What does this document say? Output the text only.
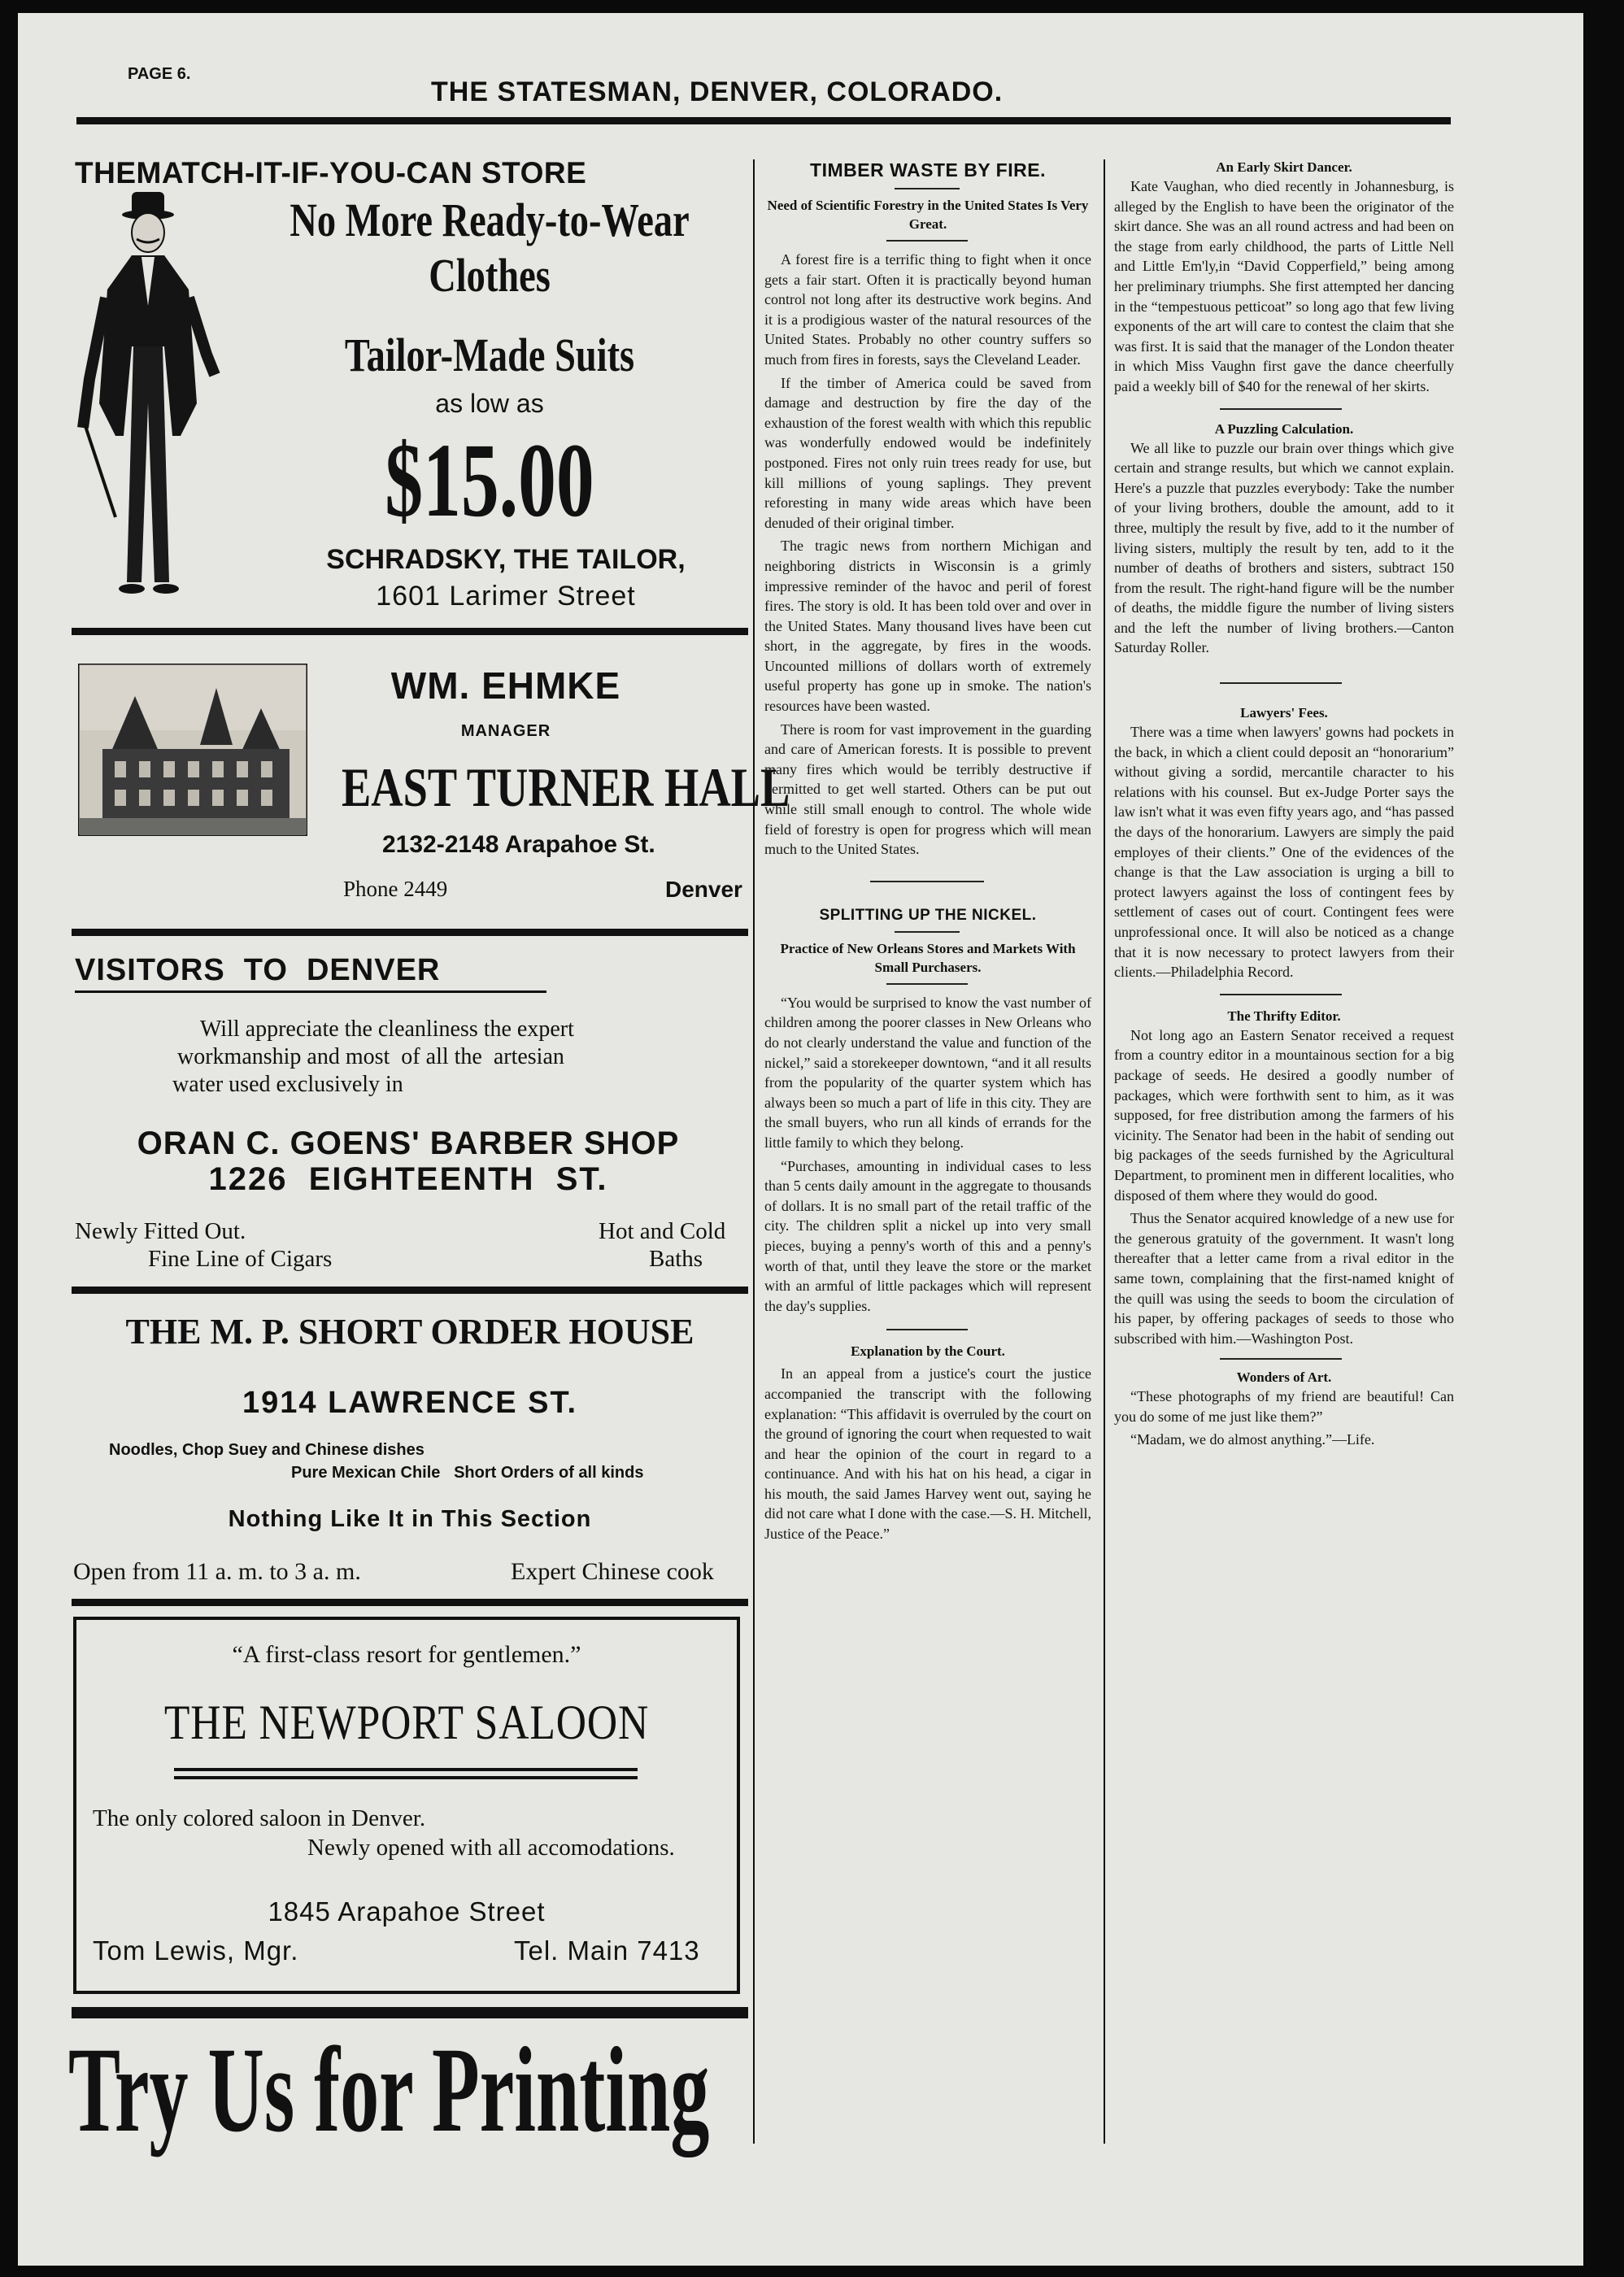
PAGE 6.
THE STATESMAN, DENVER, COLORADO.
THEMATCH-IT-IF-YOU-CAN STORE
No More Ready-to-Wear
Clothes
Tailor-Made Suits
as low as
$15.00
SCHRADSKY, THE TAILOR,
1601 Larimer Street
WM. EHMKE
MANAGER
EAST TURNER HALL
2132-2148 Arapahoe St.
Phone 2449	Denver
VISITORS  TO  DENVER
Will appreciate the cleanliness the expert
workmanship and most  of all the  artesian
water used exclusively in
ORAN C. GOENS' BARBER SHOP
1226  EIGHTEENTH  ST.
Newly Fitted Out.
Fine Line of Cigars
Hot and Cold
Baths
THE M. P. SHORT ORDER HOUSE
1914 LAWRENCE ST.
Noodles, Chop Suey and Chinese dishes
Pure Mexican Chile   Short Orders of all kinds
Nothing Like It in This Section
Open from 11 a. m. to 3 a. m.	Expert Chinese cook
“A first-class resort for gentlemen.”
THE NEWPORT SALOON
The only colored saloon in Denver.
Newly opened with all accomodations.
1845 Arapahoe Street
Tom Lewis, Mgr.	Tel. Main 7413
Try Us for Printing
TIMBER WASTE BY FIRE.
Need of Scientific Forestry in the United States Is Very Great.

A forest fire is a terrific thing to fight when it once gets a fair start. Often it is practically beyond human control not long after its destructive work begins. And it is a prodigious waster of the natural resources of the United States. Probably no other country suffers so much from fires in forests, says the Cleveland Leader.

If the timber of America could be saved from damage and destruction by fire the day of the exhaustion of the forest wealth with which this republic was wonderfully endowed would be indefinitely postponed. Fires not only ruin trees ready for use, but kill millions of young saplings. They prevent reforesting in many wide areas which have been denuded of their original timber.

The tragic news from northern Michigan and neighboring districts in Wisconsin is a grimly impressive reminder of the havoc and peril of forest fires. The story is old. It has been told over and over in the United States. Many thousand lives have been cut short, in the aggregate, by fires in the woods. Uncounted millions of dollars worth of extremely useful property has gone up in smoke. The nation's resources have been wasted.

There is room for vast improvement in the guarding and care of American forests. It is possible to prevent many fires which would be terribly destructive if permitted to get well started. Others can be put out while still small enough to control. The whole wide field of forestry is open for progress which will mean much to the United States.

SPLITTING UP THE NICKEL.
Practice of New Orleans Stores and Markets With Small Purchasers.

“You would be surprised to know the vast number of children among the poorer classes in New Orleans who do not clearly understand the value and function of the nickel,” said a storekeeper downtown, “and it all results from the popularity of the quarter system which has always been so much a part of life in this city. They are the small buyers, who run all kinds of errands for the little family to which they belong.

“Purchases, amounting in individual cases to less than 5 cents daily amount in the aggregate to thousands of dollars. It is no small part of the retail traffic of the city. The children split a nickel up into very small pieces, buying a penny's worth of this and a penny's worth of that, until they leave the store or the market with an armful of little packages which will represent the day's supplies.

Explanation by the Court.

In an appeal from a justice's court the justice accompanied the transcript with the following explanation: “This affidavit is overruled by the court on the ground of ignoring the court when requested to wait and hear the opinion of the court in regard to a continuance. And with his hat on his head, a cigar in his mouth, the said James Harvey went out, saying he did not care what I done with the case.—S. H. Mitchell, Justice of the Peace.”

An Early Skirt Dancer.

Kate Vaughan, who died recently in Johannesburg, is alleged by the English to have been the originator of the skirt dance. She was an all round actress and had been on the stage from early childhood, the parts of Little Nell and Little Em'ly,in “David Copperfield,” being among her preliminary triumphs. She first attempted her dancing in the “tempestuous petticoat” so long ago that few living exponents of the art will care to contest the claim that she was first. It is said that the manager of the London theater in which Miss Vaughn first gave the dance cheerfully paid a weekly bill of $40 for the renewal of her skirts.

A Puzzling Calculation.

We all like to puzzle our brain over things which give certain and strange results, but which we cannot explain. Here's a puzzle that puzzles everybody: Take the number of your living brothers, double the amount, add to it three, multiply the result by five, add to it the number of living sisters, multiply the result by ten, add to it the number of deaths of brothers and sisters, subtract 150 from the result. The right-hand figure will be the number of deaths, the middle figure the number of living sisters and the left the number of living brothers.—Canton Saturday Roller.

Lawyers' Fees.

There was a time when lawyers' gowns had pockets in the back, in which a client could deposit an “honorarium” without giving a sordid, mercantile character to his relations with his counsel. But ex-Judge Porter says the law isn't what it was even fifty years ago, and “has passed the days of the honorarium. Lawyers are simply the paid employes of their clients.” One of the evidences of the change is that the Law association is urging a bill to protect lawyers against the loss of contingent fees by settlement of cases out of court. Contingent fees were unprofessional once. It will also be noticed as a change that it is now necessary to protect lawyers from their clients.—Philadelphia Record.

The Thrifty Editor.

Not long ago an Eastern Senator received a request from a country editor in a mountainous section for a big package of seeds. He desired a goodly number of packages, which were forthwith sent to him, as it was supposed, for free distribution among the farmers of his vicinity. The Senator had been in the habit of sending out big packages of the seeds furnished by the Agricultural Department, to prominent men in different localities, who disposed of them where they would do good.

Thus the Senator acquired knowledge of a new use for the generous gratuity of the government. It wasn't long thereafter that a letter came from a rival editor in the same town, complaining that the first-named knight of the quill was using the seeds to boom the circulation of his paper, by offering packages of seeds to those who subscribed with him.—Washington Post.

Wonders of Art.

“These photographs of my friend are beautiful! Can you do some of me just like them?”

“Madam, we do almost anything.”—Life.
